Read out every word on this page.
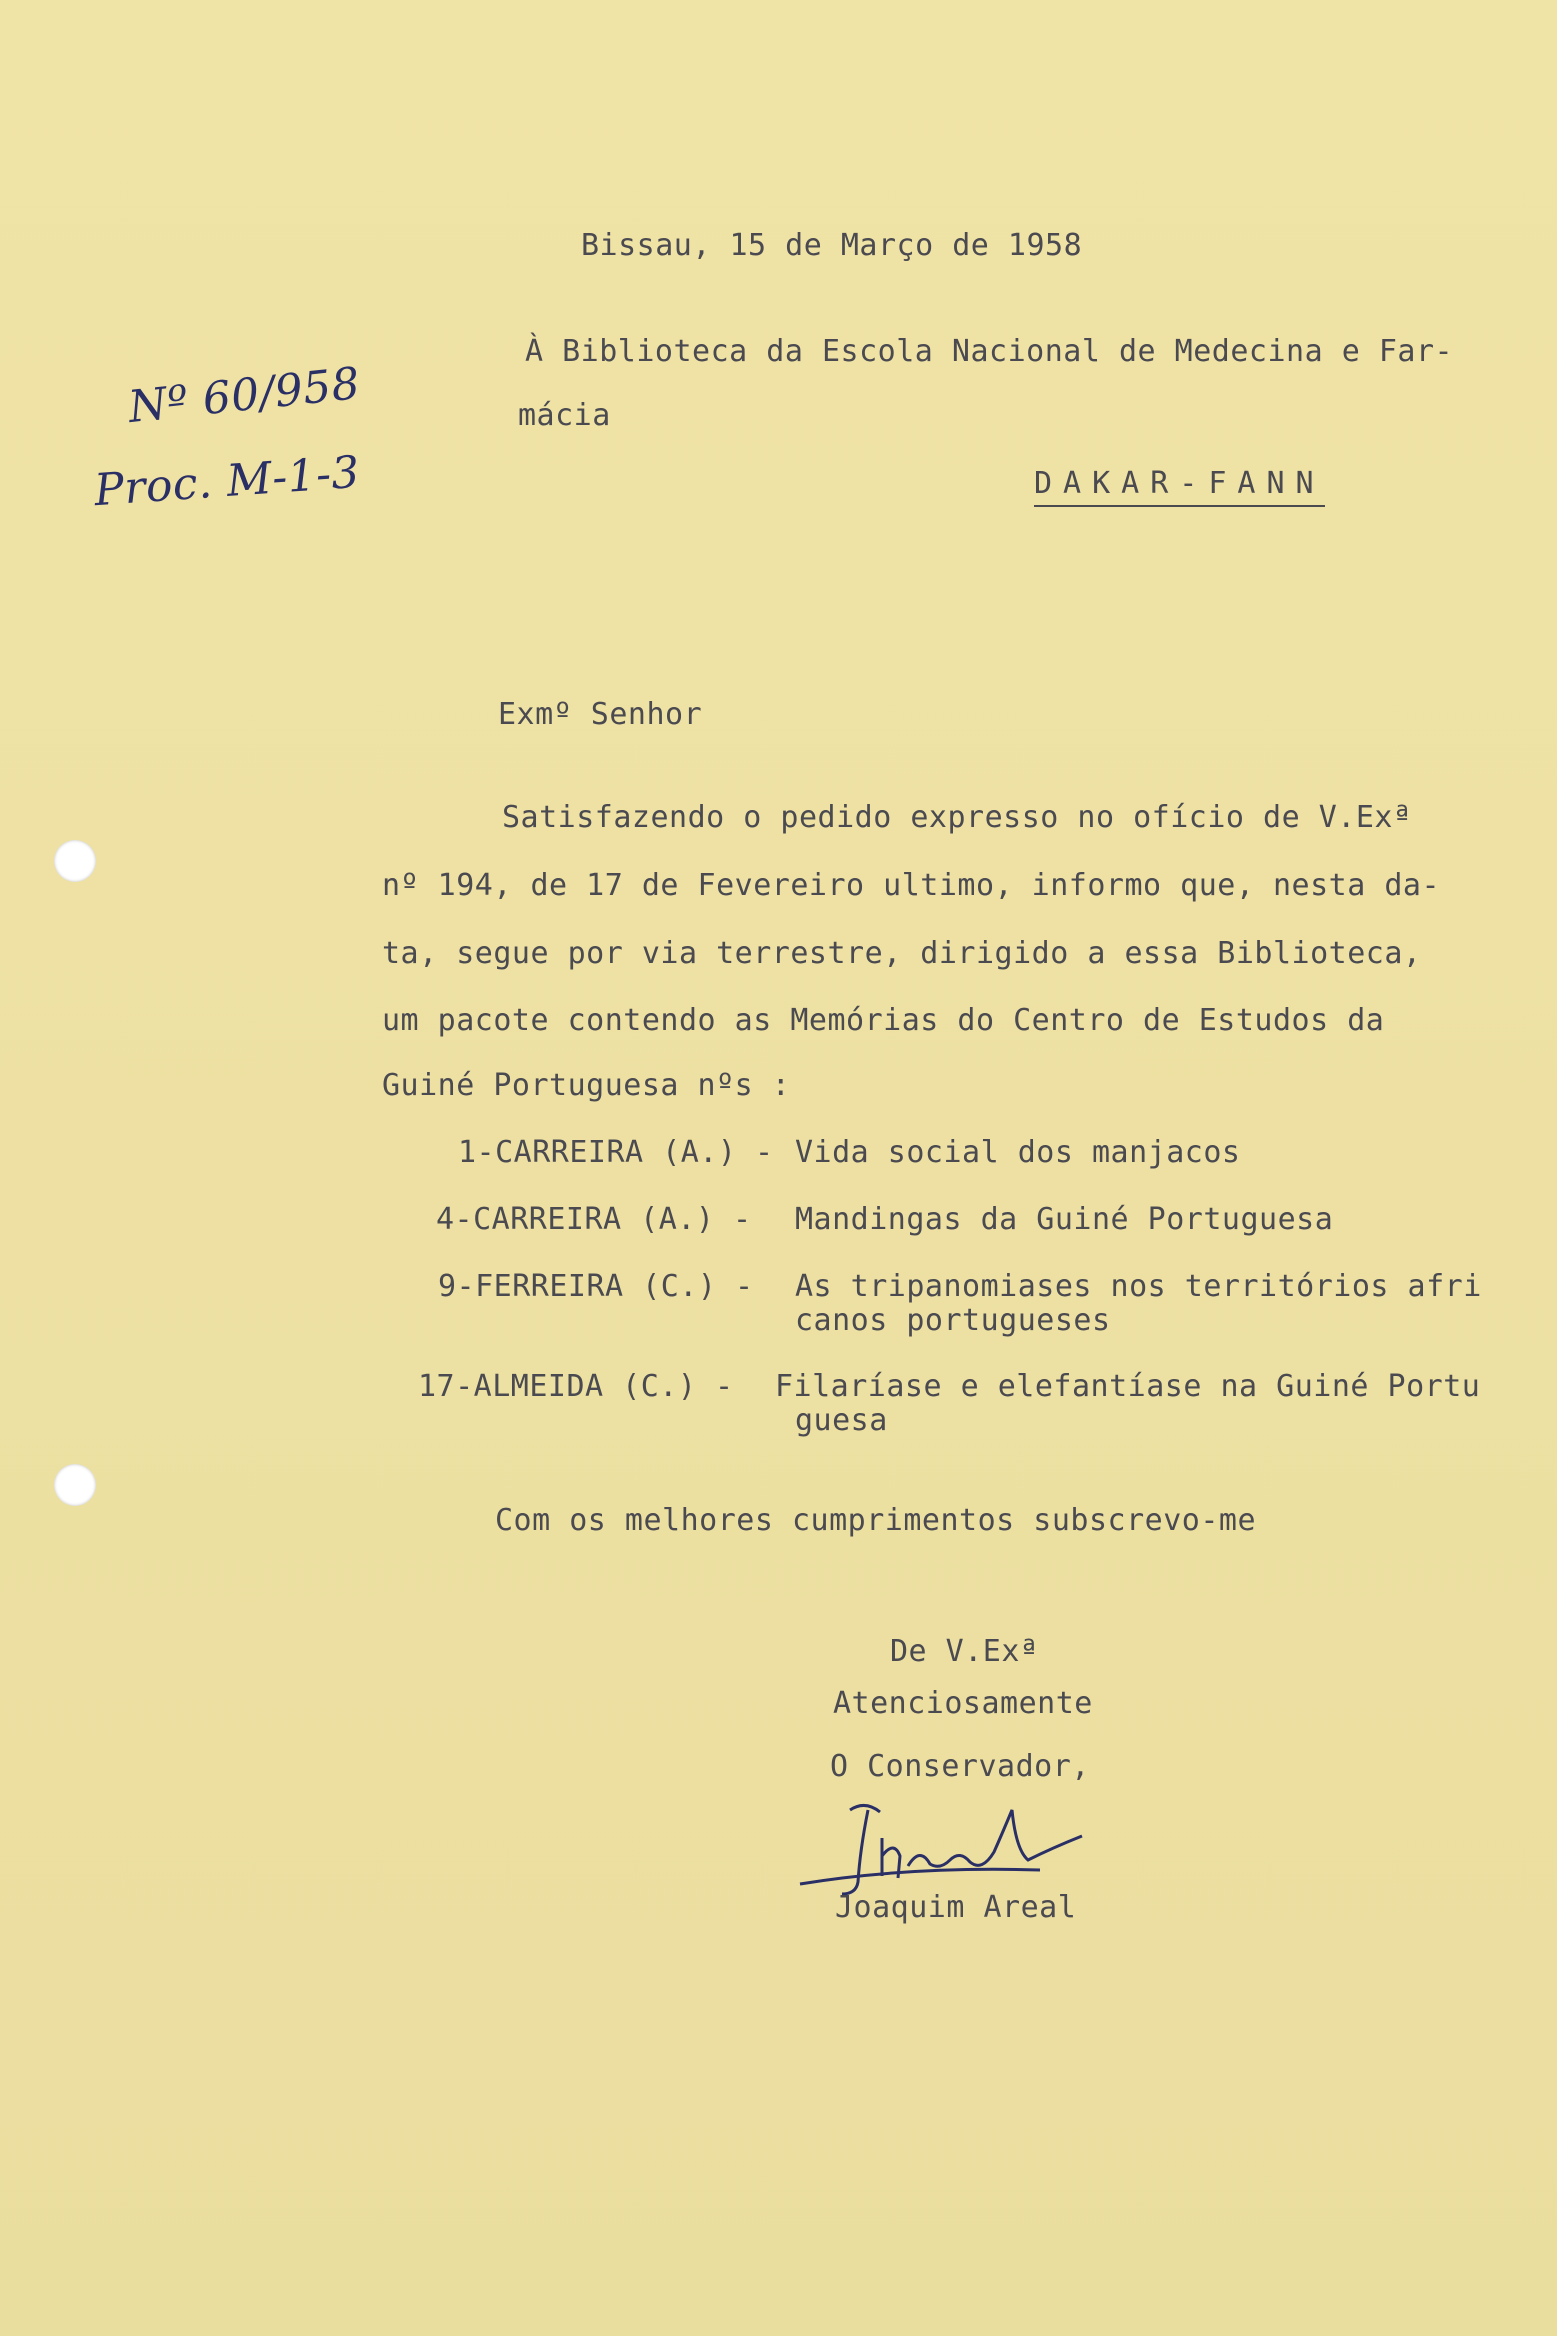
Nº 60/958
Proc. M-1-3
Bissau, 15 de Março de 1958
À Biblioteca da Escola Nacional de Medecina e Far-
mácia
DAKAR-FANN
Exmº Senhor
Satisfazendo o pedido expresso no ofício de V.Exª
nº 194, de 17 de Fevereiro ultimo, informo que, nesta da-
ta, segue por via terrestre, dirigido a essa Biblioteca,
um pacote contendo as Memórias do Centro de Estudos da
Guiné Portuguesa nºs :
1-CARREIRA (A.) - Vida social dos manjacos
4-CARREIRA (A.) - Mandingas da Guiné Portuguesa
9-FERREIRA (C.) - As tripanomiases nos territórios afri
canos portugueses
17-ALMEIDA (C.) - Filaríase e elefantíase na Guiné Portu
guesa
Com os melhores cumprimentos subscrevo-me
De V.Exª
Atenciosamente
O Conservador,
Joaquim Areal
